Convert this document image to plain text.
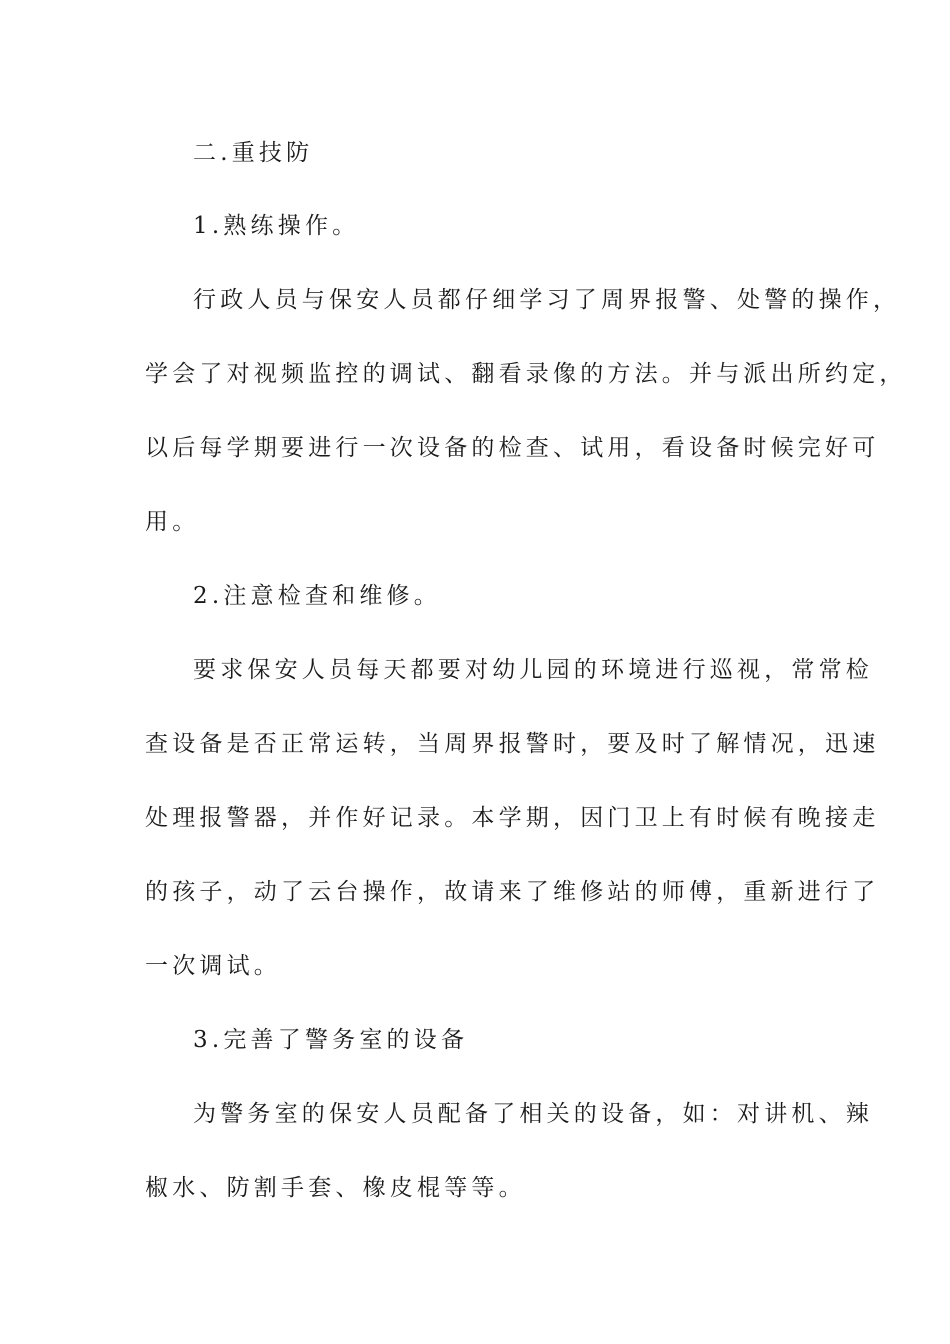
二.重技防
1.熟练操作。
行政人员与保安人员都仔细学习了周界报警、处警的操作，
学会了对视频监控的调试、翻看录像的方法。并与派出所约定，
以后每学期要进行一次设备的检查、试用，看设备时候完好可
用。
2.注意检查和维修。
要求保安人员每天都要对幼儿园的环境进行巡视，常常检
查设备是否正常运转，当周界报警时，要及时了解情况，迅速
处理报警器，并作好记录。本学期，因门卫上有时候有晚接走
的孩子，动了云台操作，故请来了维修站的师傅，重新进行了
一次调试。
3.完善了警务室的设备
为警务室的保安人员配备了相关的设备，如：对讲机、辣
椒水、防割手套、橡皮棍等等。
